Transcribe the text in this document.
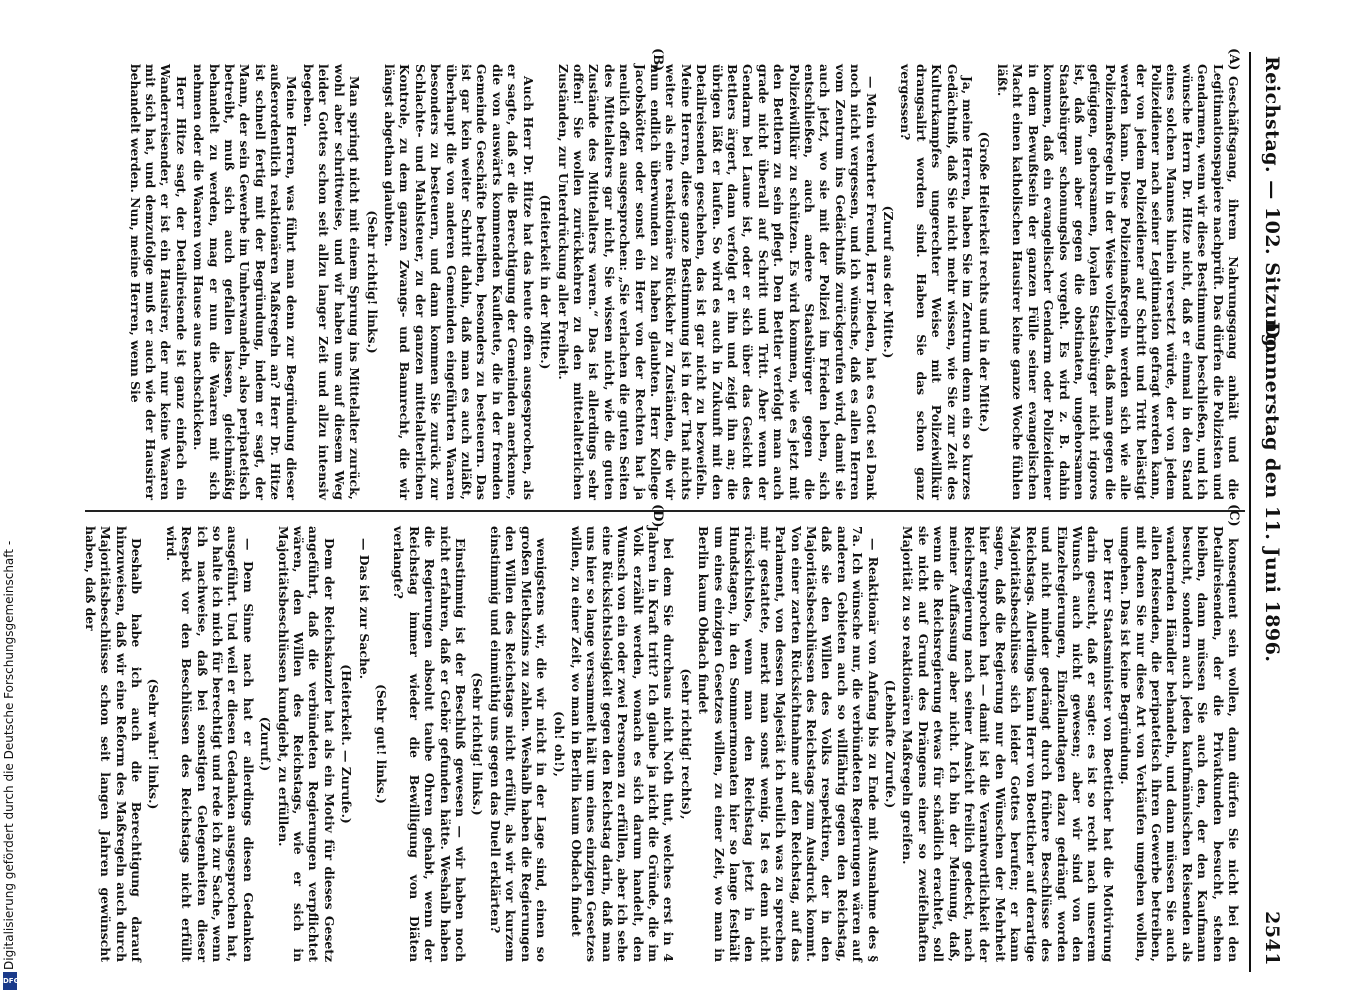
Digitalisierung gefördert durch die Deutsche Forschungsgemeinschaft -
DFG
Reichstag. — 102. Sitzung.
Donnerstag den 11. Juni 1896.
2541
(A)
(B)
(C)
(D)

Geschäftsgang, ihrem Nahrungsgang anhält und die Legitimationspapiere nachprüft. Das dürfen die Polizisten und Gendarmen, wenn wir diese Bestimmung beschließen, und ich wünsche Herrn Dr. Hitze nicht, daß er einmal in den Stand eines solchen Mannes hinein versetzt würde, der von jedem Polizeidiener nach seiner Legitimation gefragt werden kann, der von jedem Polizeidiener auf Schritt und Tritt belästigt werden kann. Diese Polizeimaßregeln werden sich wie alle Polizeimaßregeln in der Weise vollziehen, daß man gegen die gefügigen, gehorsamen, loyalen Staatsbürger nicht rigoros ist, daß man aber gegen die obstinaten, ungehorsamen Staatsbürger schonungslos vorgeht. Es wird z. B. dahin kommen, daß ein evangelischer Gendarm oder Polizeidiener in dem Bewußtsein der ganzen Fülle seiner evangelischen Macht einen katholischen Hausirer keine ganze Woche fühlen läßt.

(Große Heiterkeit rechts und in der Mitte.)

Ja, meine Herren, haben Sie im Zentrum denn ein so kurzes Gedächtniß, daß Sie nicht mehr wissen, wie Sie zur Zeit des Kulturkampfes ungerechter Weise mit Polizeiwillkür drangsalirt worden sind. Haben Sie das schon ganz vergessen?

(Zuruf aus der Mitte.)

— Mein verehrter Freund, Herr Dieden, hat es Gott sei Dank noch nicht vergessen, und ich wünsche, daß es allen Herren vom Zentrum ins Gedächtniß zurückgerufen wird, damit sie auch jetzt, wo sie mit der Polizei im Frieden leben, sich entschließen, auch andere Staatsbürger gegen die Polizeiwillkür zu schützen. Es wird kommen, wie es jetzt mit den Bettlern zu sein pflegt. Den Bettler verfolgt man auch grade nicht überall auf Schritt und Tritt. Aber wenn der Gendarm bei Laune ist, oder er sich über das Gesicht des Bettlers ärgert, dann verfolgt er ihn und zeigt ihn an; die übrigen läßt er laufen. So wird es auch in Zukunft mit den Detailreisenden geschehen, das ist gar nicht zu bezweifeln. Meine Herren, diese ganze Bestimmung ist in der That nichts weiter als eine reaktionäre Rückkehr zu Zuständen, die wir nun endlich überwunden zu haben glaubten. Herr Kollege Jacobskötter oder sonst ein Herr von der Rechten hat ja neulich offen ausgesprochen: „Sie verlachen die guten Seiten des Mittelalters gar nicht, Sie wissen nicht, wie die guten Zustände des Mittelalters waren.“ Das ist allerdings sehr offen! Sie wollen zurückkehren zu den mittelalterlichen Zuständen, zur Unterdrückung aller Freiheit.

(Heiterkeit in der Mitte.)

Auch Herr Dr. Hitze hat das heute offen ausgesprochen, als er sagte, daß er die Berechtigung der Gemeinden anerkenne, die von auswärts kommenden Kaufleute, die in der fremden Gemeinde Geschäfte betreiben, besonders zu besteuern. Das ist gar kein weiter Schritt dahin, daß man es auch zuläßt, überhaupt die von anderen Gemeinden eingeführten Waaren besonders zu besteuern, und dann kommen Sie zurück zur Schlachte- und Mahlsteuer, zu der ganzen mittelalterlichen Kontrole, zu dem ganzen Zwangs- und Bannrecht, die wir längst abgethan glaubten.

(Sehr richtig! links.)

Man springt nicht mit einem Sprung ins Mittelalter zurück, wohl aber schrittweise, und wir haben uns auf diesem Weg leider Gottes schon seit allzu langer Zeit und allzu intensiv begeben.

Meine Herren, was führt man denn zur Begründung dieser außerordentlich reaktionären Maßregeln an? Herr Dr. Hitze ist schnell fertig mit der Begründung, indem er sagt, der Mann, der sein Gewerbe im Umherwandeln, also peripatetisch betreibt, muß sich auch gefallen lassen, gleichmäßig behandelt zu werden, mag er nun die Waaren mit sich nehmen oder die Waaren vom Hause aus nachschicken.

Herr Hitze sagt, der Detailreisende ist ganz einfach ein Wanderreisender, er ist ein Hausirer, der nur keine Waaren mit sich hat, und demzufolge muß er auch wie der Hausirer behandelt werden. Nun, meine Herren, wenn Sie

konsequent sein wollen, dann dürfen Sie nicht bei den Detailreisenden, der die Privatkunden besucht, stehen bleiben, dann müssen Sie auch den, der den Kaufmann besucht, sondern auch jeden kaufmännischen Reisenden als wandernden Händler behandeln, und dann müssen Sie auch allen Reisenden, die peripatetisch ihren Gewerbe betreiben, mit denen Sie nur diese Art von Verkäufen umgehen wollen, umgehen. Das ist keine Begründung.

Der Herr Staatsminister von Boetticher hat die Motivirung darin gesucht, daß er sagte: es ist so recht nach unserem Wunsch auch nicht gewesen; aber wir sind von den Einzelregierungen, Einzellandtagen dazu gedrängt worden und nicht minder gedrängt durch frühere Beschlüsse des Reichstags. Allerdings kann Herr von Boetticher auf derartige Majoritätsbeschlüsse sich leider Gottes berufen; er kann sagen, daß die Regierung nur den Wünschen der Mehrheit hier entsprochen hat — damit ist die Verantwortlichkeit der Reichsregierung nach seiner Ansicht freilich gedeckt, nach meiner Auffassung aber nicht. Ich bin der Meinung, daß, wenn die Reichsregierung etwas für schädlich erachtet, soll sie nicht auf Grund des Drängens einer so zweifelhaften Majorität zu so reaktionären Maßregeln greifen.

(Lebhafte Zurufe.)

— Reaktionär von Anfang bis zu Ende mit Ausnahme des § 7a. Ich wünsche nur, die verbündeten Regierungen wären auf anderen Gebieten auch so willfährig gegen den Reichstag, daß sie den Willen des Volks respektiren, der in den Majoritätsbeschlüssen des Reichstags zum Ausdruck kommt. Von einer zarten Rücksichtnahme auf den Reichstag, auf das Parlament, von dessen Majestät ich neulich was zu sprechen mir gestattete, merkt man sonst wenig. Ist es denn nicht rücksichtslos, wenn man den Reichstag jetzt in den Hundstagen, in den Sommermonaten hier so lange festhält um eines einzigen Gesetzes willen, zu einer Zeit, wo man in Berlin kaum Obdach findet

(sehr richtig! rechts),

bei dem Sie durchaus nicht Noth thut, welches erst in 4 Jahren in Kraft tritt? Ich glaube ja nicht die Gründe, die im Volk erzählt werden, wonach es sich darum handelt, den Wunsch von ein oder zwei Personen zu erfüllen, aber ich sehe eine Rücksichtslosigkeit gegen den Reichstag darin, daß man uns hier so lange versammelt hält um eines einzigen Gesetzes willen, zu einer Zeit, wo man in Berlin kaum Obdach findet

(oh! oh!),

wenigstens wir, die wir nicht in der Lage sind, einen so großen Miethszins zu zahlen. Weshalb haben die Regierungen den Willen des Reichstags nicht erfüllt, als wir vor kurzem einstimmig und einmüthig uns gegen das Duell erklärten?

(Sehr richtig! links.)

Einstimmig ist der Beschluß gewesen — wir haben noch nicht erfahren, daß er Gehör gefunden hätte. Weshalb haben die Regierungen absolut taube Ohren gehabt, wenn der Reichstag immer wieder die Bewilligung von Diäten verlangte?

(Sehr gut! links.)

— Das ist zur Sache.

(Heiterkeit. — Zurufe.)

Dem der Reichskanzler hat als ein Motiv für dieses Gesetz angeführt, daß die verbündeten Regierungen verpflichtet wären, den Willen des Reichstags, wie er sich in Majoritätsbeschlüssen kundgiebt, zu erfüllen.

(Zuruf.)

— Dem Sinne nach hat er allerdings diesen Gedanken ausgeführt. Und weil er diesen Gedanken ausgesprochen hat, so halte ich mich für berechtigt und rede ich zur Sache, wenn ich nachweise, daß bei sonstigen Gelegenheiten dieser Respekt vor den Beschlüssen des Reichstags nicht erfüllt wird.

(Sehr wahr! links.)

Deshalb habe ich auch die Berechtigung darauf hinzuweisen, daß wir eine Reform des Maßregeln auch durch Majoritätsbeschlüsse schon seit langen Jahren gewünscht haben, daß der
